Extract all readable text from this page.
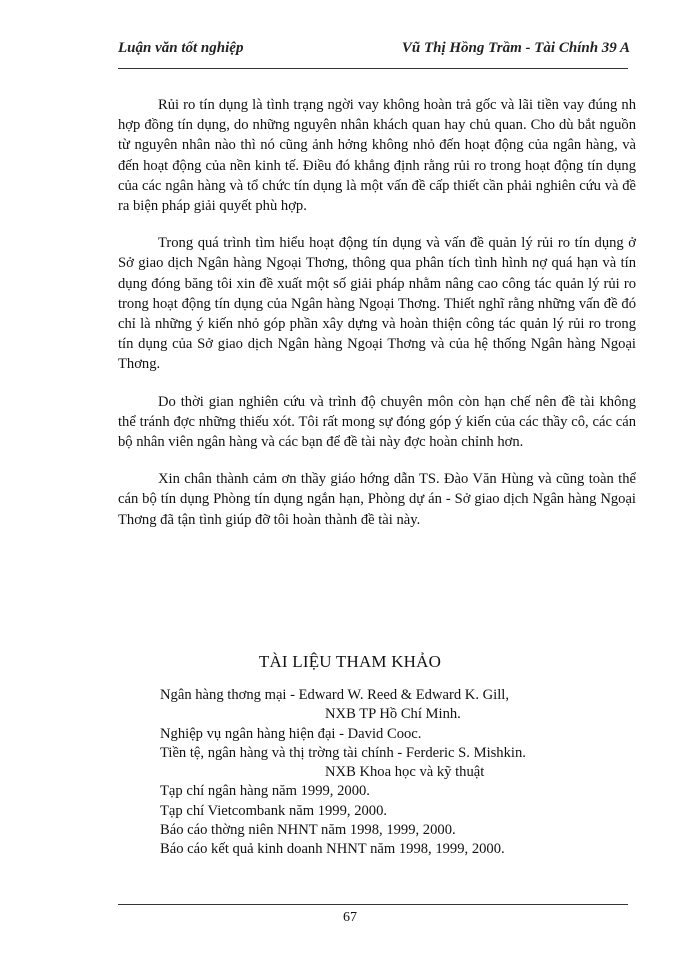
Luận văn tốt nghiệp	Vũ Thị Hồng Trầm - Tài Chính 39 A

Rủi ro tín dụng là tình trạng ngời vay không hoàn trả gốc và lãi tiền vay đúng nh hợp đồng tín dụng, do những nguyên nhân khách quan hay chủ quan. Cho dù bắt nguồn từ nguyên nhân nào thì nó cũng ảnh hởng không nhỏ đến hoạt động của ngân hàng, và đến hoạt động của nền kinh tế. Điều đó khẳng định rằng rủi ro trong hoạt động tín dụng của các ngân hàng và tổ chức tín dụng là một vấn đề cấp thiết cần phải nghiên cứu và đề ra biện pháp giải quyết phù hợp.

Trong quá trình tìm hiểu hoạt động tín dụng và vấn đề quản lý rủi ro tín dụng ở Sở giao dịch Ngân hàng Ngoại Thơng, thông qua phân tích tình hình nợ quá hạn và tín dụng đóng băng tôi xin đề xuất một số giải pháp nhằm nâng cao công tác quản lý rủi ro trong hoạt động tín dụng của Ngân hàng Ngoại Thơng. Thiết nghĩ rằng những vấn đề đó chỉ là những ý kiến nhỏ góp phần xây dựng và hoàn thiện công tác quản lý rủi ro trong tín dụng của Sở giao dịch Ngân hàng Ngoại Thơng và của hệ thống Ngân hàng Ngoại Thơng.

Do thời gian nghiên cứu và trình độ chuyên môn còn hạn chế nên đề tài không thể tránh đợc những thiếu xót. Tôi rất mong sự đóng góp ý kiến của các thầy cô, các cán bộ nhân viên ngân hàng và các bạn để đề tài này đợc hoàn chỉnh hơn.

Xin chân thành cảm ơn thầy giáo hớng dẫn TS. Đào Văn Hùng và cũng toàn thể cán bộ tín dụng Phòng tín dụng ngắn hạn, Phòng dự án - Sở giao dịch Ngân hàng Ngoại Thơng đã tận tình giúp đỡ tôi hoàn thành đề tài này.

TÀI LIỆU THAM KHẢO
Ngân hàng thơng mại - Edward W. Reed & Edward K. Gill,
NXB TP Hồ Chí Minh.
Nghiệp vụ ngân hàng hiện đại - David Cooc.
Tiền tệ, ngân hàng và thị trờng tài chính - Ferderic S. Mishkin.
NXB Khoa học và kỹ thuật
Tạp chí ngân hàng năm 1999, 2000.
Tạp chí Vietcombank năm 1999, 2000.
Báo cáo thờng niên NHNT năm 1998, 1999, 2000.
Báo cáo kết quả kinh doanh NHNT năm 1998, 1999, 2000.
67
